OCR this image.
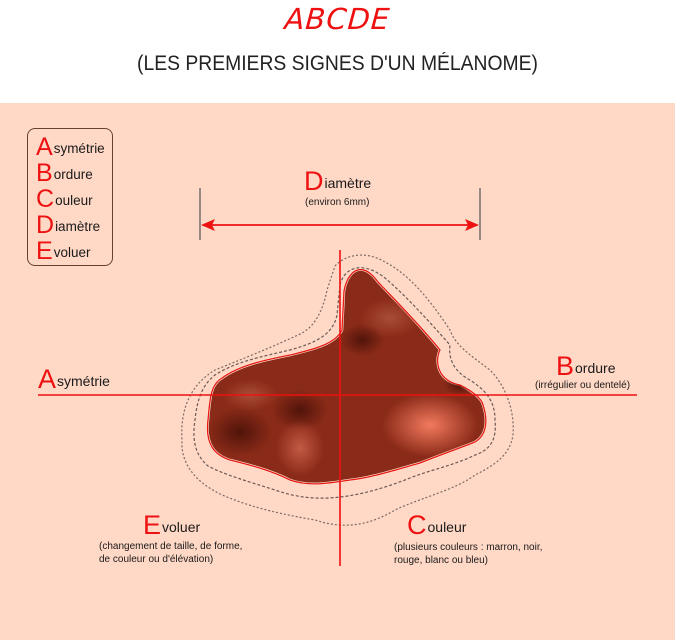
ABCDE
(LES PREMIERS SIGNES D'UN MÉLANOME)
Asymétrie
Bordure
Couleur
Diamètre
Evoluer
Diamètre
(environ 6mm)
Asymétrie	Bordure
(irrégulier ou dentelé)
Evoluer
(changement de taille, de forme,
de couleur ou d'élévation)
Couleur
(plusieurs couleurs : marron, noir,
rouge, blanc ou bleu)
